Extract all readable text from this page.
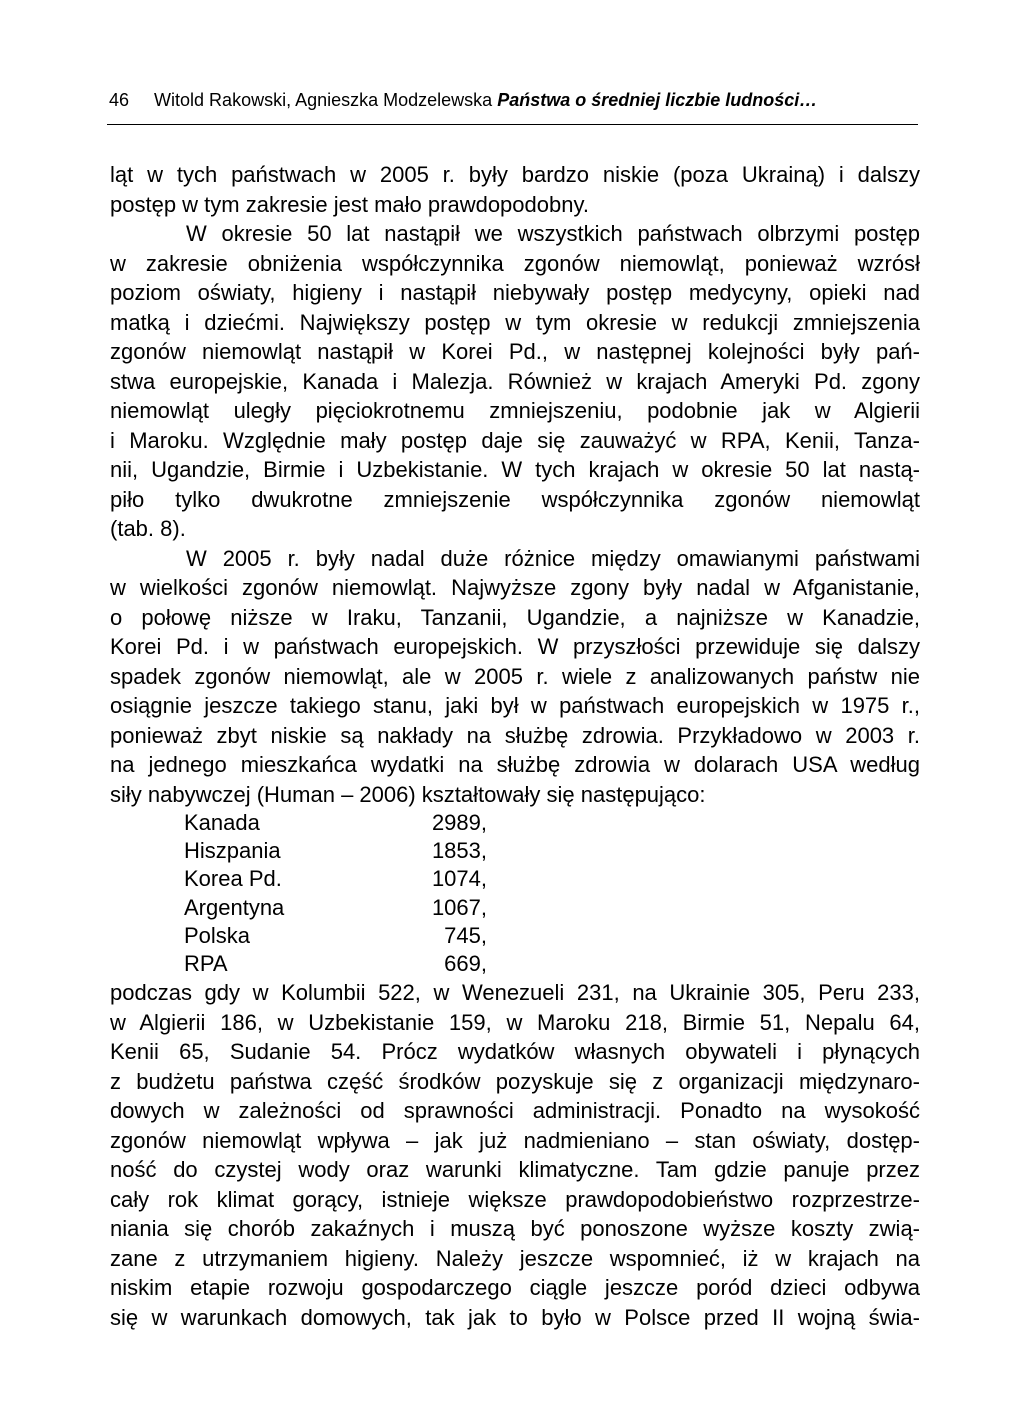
46 Witold Rakowski, Agnieszka Modzelewska Państwa o średniej liczbie ludności…
ląt w tych państwach w 2005 r. były bardzo niskie (poza Ukrainą) i dalszy
postęp w tym zakresie jest mało prawdopodobny.
W okresie 50 lat nastąpił we wszystkich państwach olbrzymi postęp
w zakresie obniżenia współczynnika zgonów niemowląt, ponieważ wzrósł
poziom oświaty, higieny i nastąpił niebywały postęp medycyny, opieki nad
matką i dziećmi. Największy postęp w tym okresie w redukcji zmniejszenia
zgonów niemowląt nastąpił w Korei Pd., w następnej kolejności były pań-
stwa europejskie, Kanada i Malezja. Również w krajach Ameryki Pd. zgony
niemowląt uległy pięciokrotnemu zmniejszeniu, podobnie jak w Algierii
i Maroku. Względnie mały postęp daje się zauważyć w RPA, Kenii, Tanza-
nii, Ugandzie, Birmie i Uzbekistanie. W tych krajach w okresie 50 lat nastą-
piło tylko dwukrotne zmniejszenie współczynnika zgonów niemowląt
(tab. 8).
W 2005 r. były nadal duże różnice między omawianymi państwami
w wielkości zgonów niemowląt. Najwyższe zgony były nadal w Afganistanie,
o połowę niższe w Iraku, Tanzanii, Ugandzie, a najniższe w Kanadzie,
Korei Pd. i w państwach europejskich. W przyszłości przewiduje się dalszy
spadek zgonów niemowląt, ale w 2005 r. wiele z analizowanych państw nie
osiągnie jeszcze takiego stanu, jaki był w państwach europejskich w 1975 r.,
ponieważ zbyt niskie są nakłady na służbę zdrowia. Przykładowo w 2003 r.
na jednego mieszkańca wydatki na służbę zdrowia w dolarach USA według
siły nabywczej (Human – 2006) kształtowały się następująco:
Kanada	2989,
Hiszpania	1853,
Korea Pd.	1074,
Argentyna	1067,
Polska	745,
RPA	669,
podczas gdy w Kolumbii 522, w Wenezueli 231, na Ukrainie 305, Peru 233,
w Algierii 186, w Uzbekistanie 159, w Maroku 218, Birmie 51, Nepalu 64,
Kenii 65, Sudanie 54. Prócz wydatków własnych obywateli i płynących
z budżetu państwa część środków pozyskuje się z organizacji międzynaro-
dowych w zależności od sprawności administracji. Ponadto na wysokość
zgonów niemowląt wpływa – jak już nadmieniano – stan oświaty, dostęp-
ność do czystej wody oraz warunki klimatyczne. Tam gdzie panuje przez
cały rok klimat gorący, istnieje większe prawdopodobieństwo rozprzestrze-
niania się chorób zakaźnych i muszą być ponoszone wyższe koszty zwią-
zane z utrzymaniem higieny. Należy jeszcze wspomnieć, iż w krajach na
niskim etapie rozwoju gospodarczego ciągle jeszcze poród dzieci odbywa
się w warunkach domowych, tak jak to było w Polsce przed II wojną świa-
